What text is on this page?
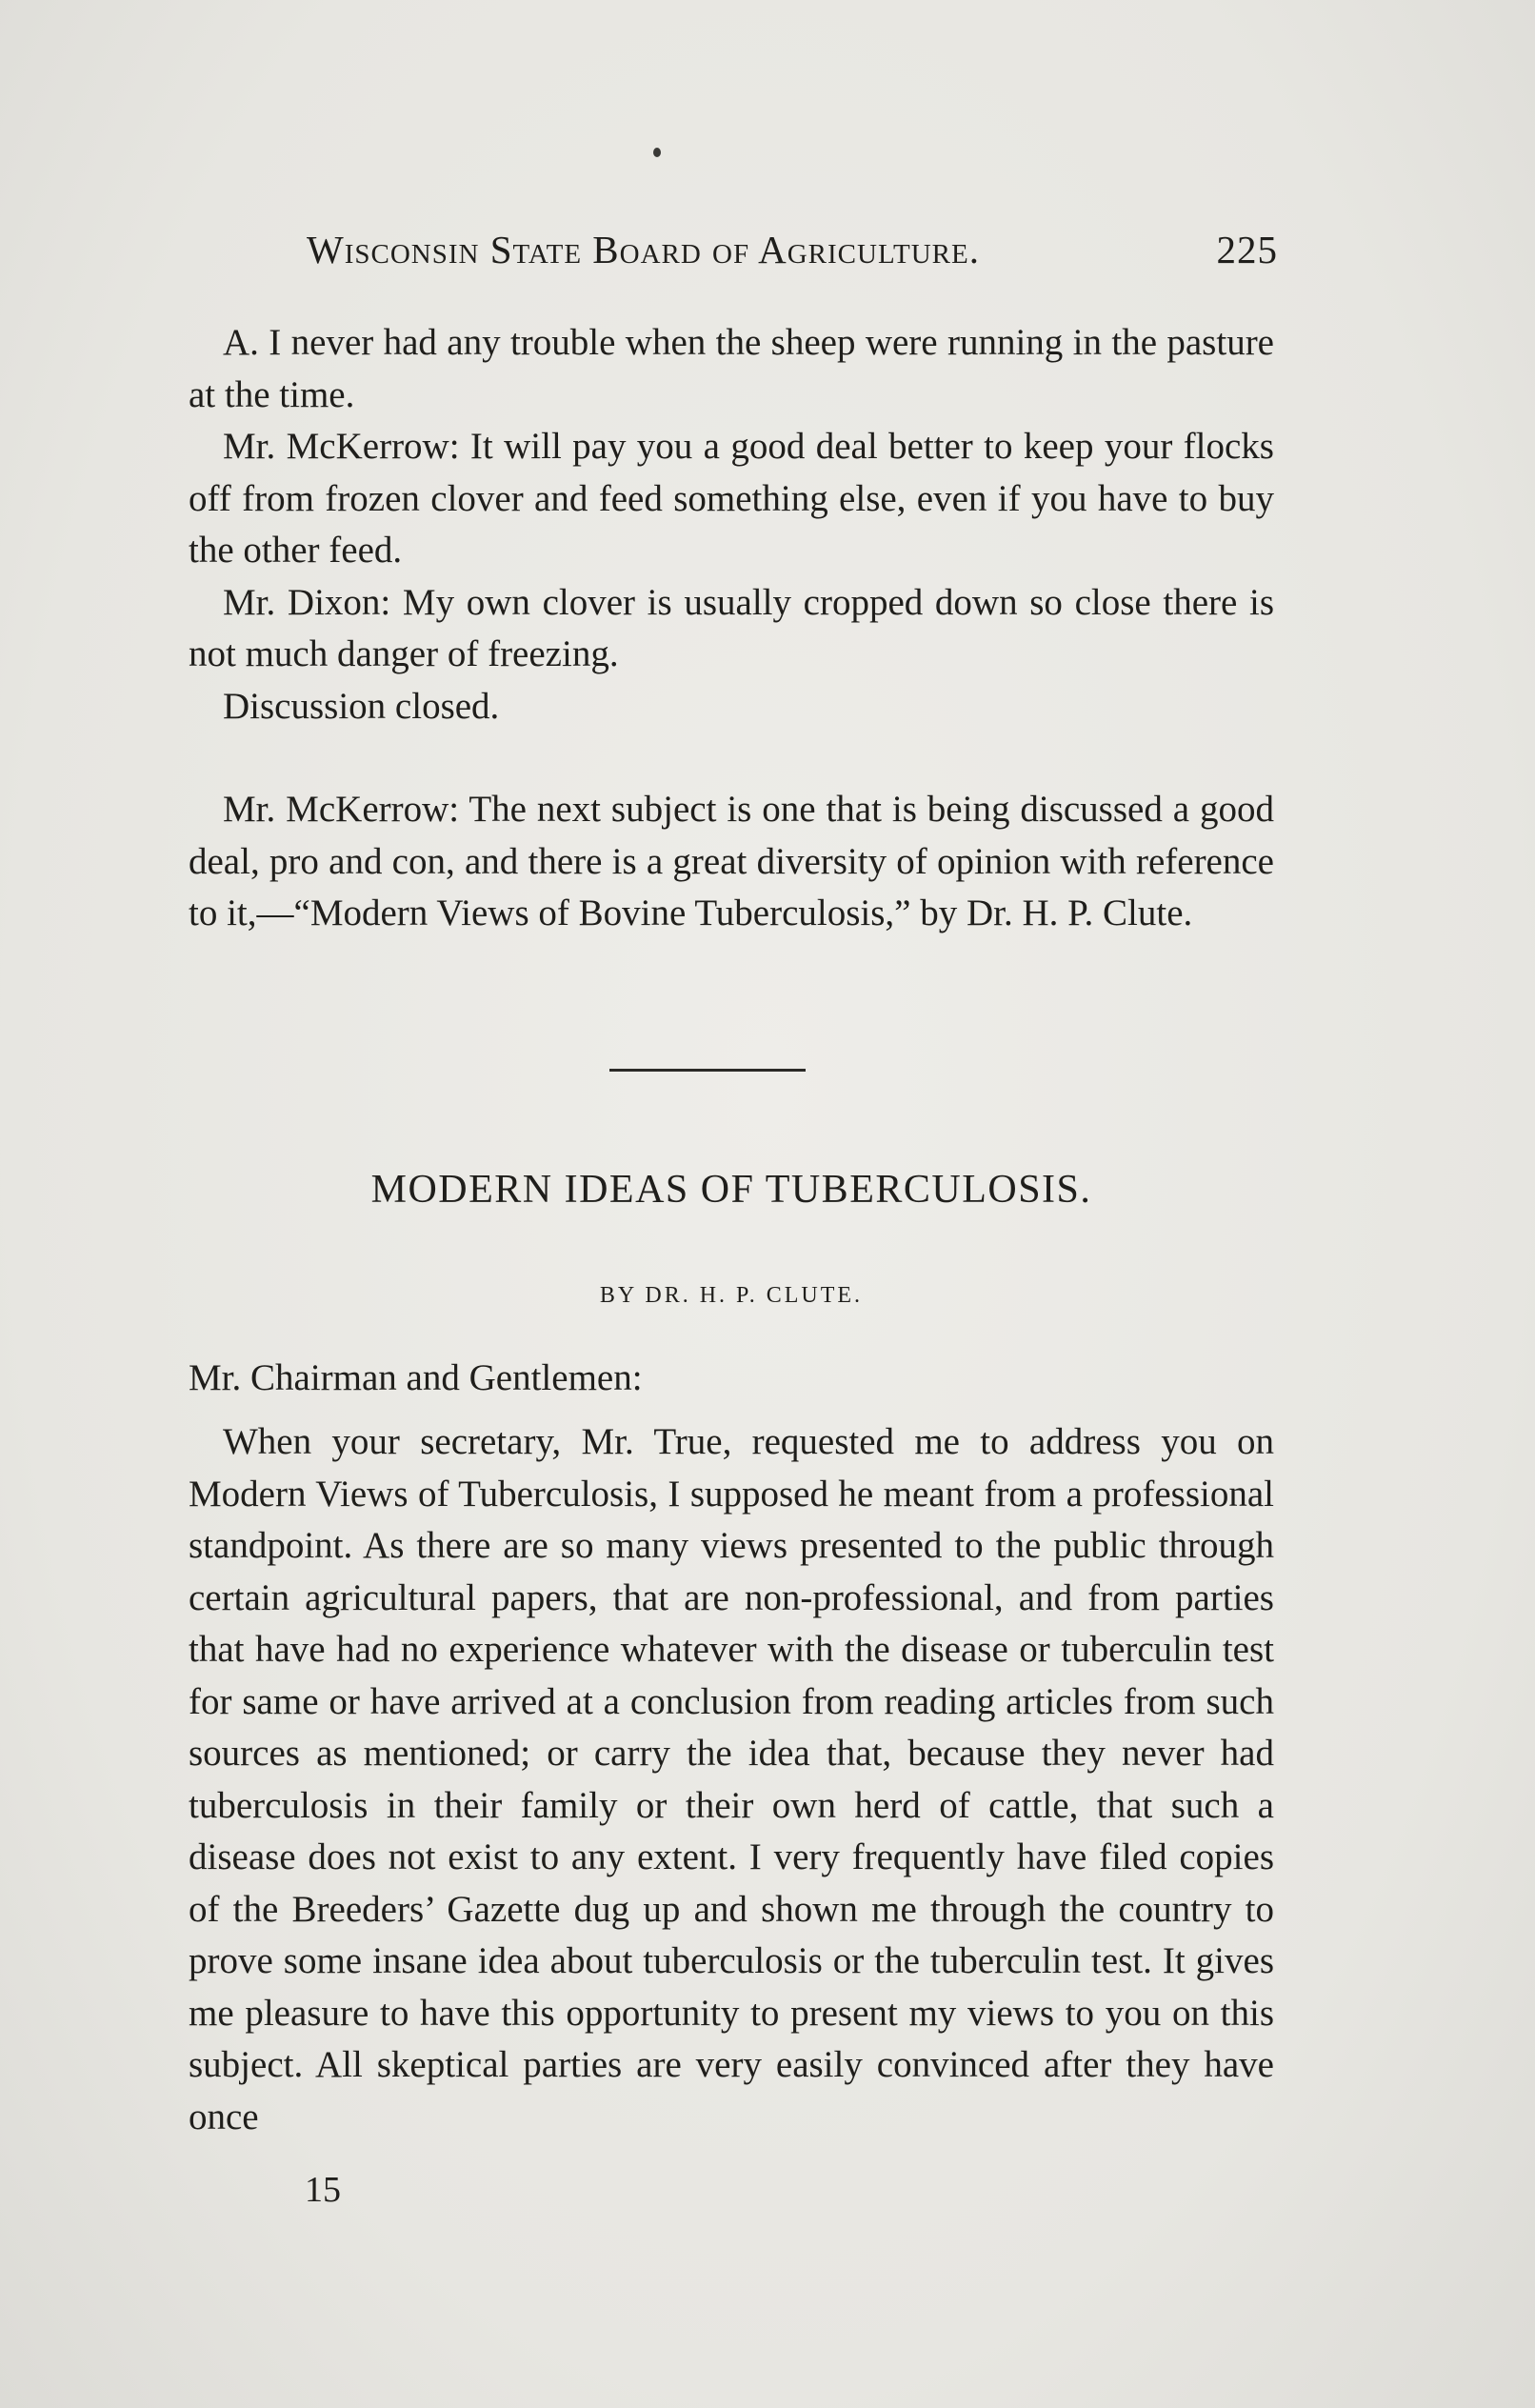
Wisconsin State Board of Agriculture.	225

A. I never had any trouble when the sheep were running in the pasture at the time.

Mr. McKerrow: It will pay you a good deal better to keep your flocks off from frozen clover and feed something else, even if you have to buy the other feed.

Mr. Dixon: My own clover is usually cropped down so close there is not much danger of freezing.

Discussion closed.

Mr. McKerrow: The next subject is one that is being discussed a good deal, pro and con, and there is a great diversity of opinion with reference to it,—“Modern Views of Bovine Tuberculosis,” by Dr. H. P. Clute.

MODERN IDEAS OF TUBERCULOSIS.
BY DR. H. P. CLUTE.
Mr. Chairman and Gentlemen:

When your secretary, Mr. True, requested me to address you on Modern Views of Tuberculosis, I supposed he meant from a professional standpoint. As there are so many views presented to the public through certain agricultural papers, that are non-professional, and from parties that have had no experience whatever with the disease or tuberculin test for same or have arrived at a conclusion from reading articles from such sources as mentioned; or carry the idea that, because they never had tuberculosis in their family or their own herd of cattle, that such a disease does not exist to any extent. I very frequently have filed copies of the Breeders’ Gazette dug up and shown me through the country to prove some insane idea about tuberculosis or the tuberculin test. It gives me pleasure to have this opportunity to present my views to you on this subject. All skeptical parties are very easily convinced after they have once

15
